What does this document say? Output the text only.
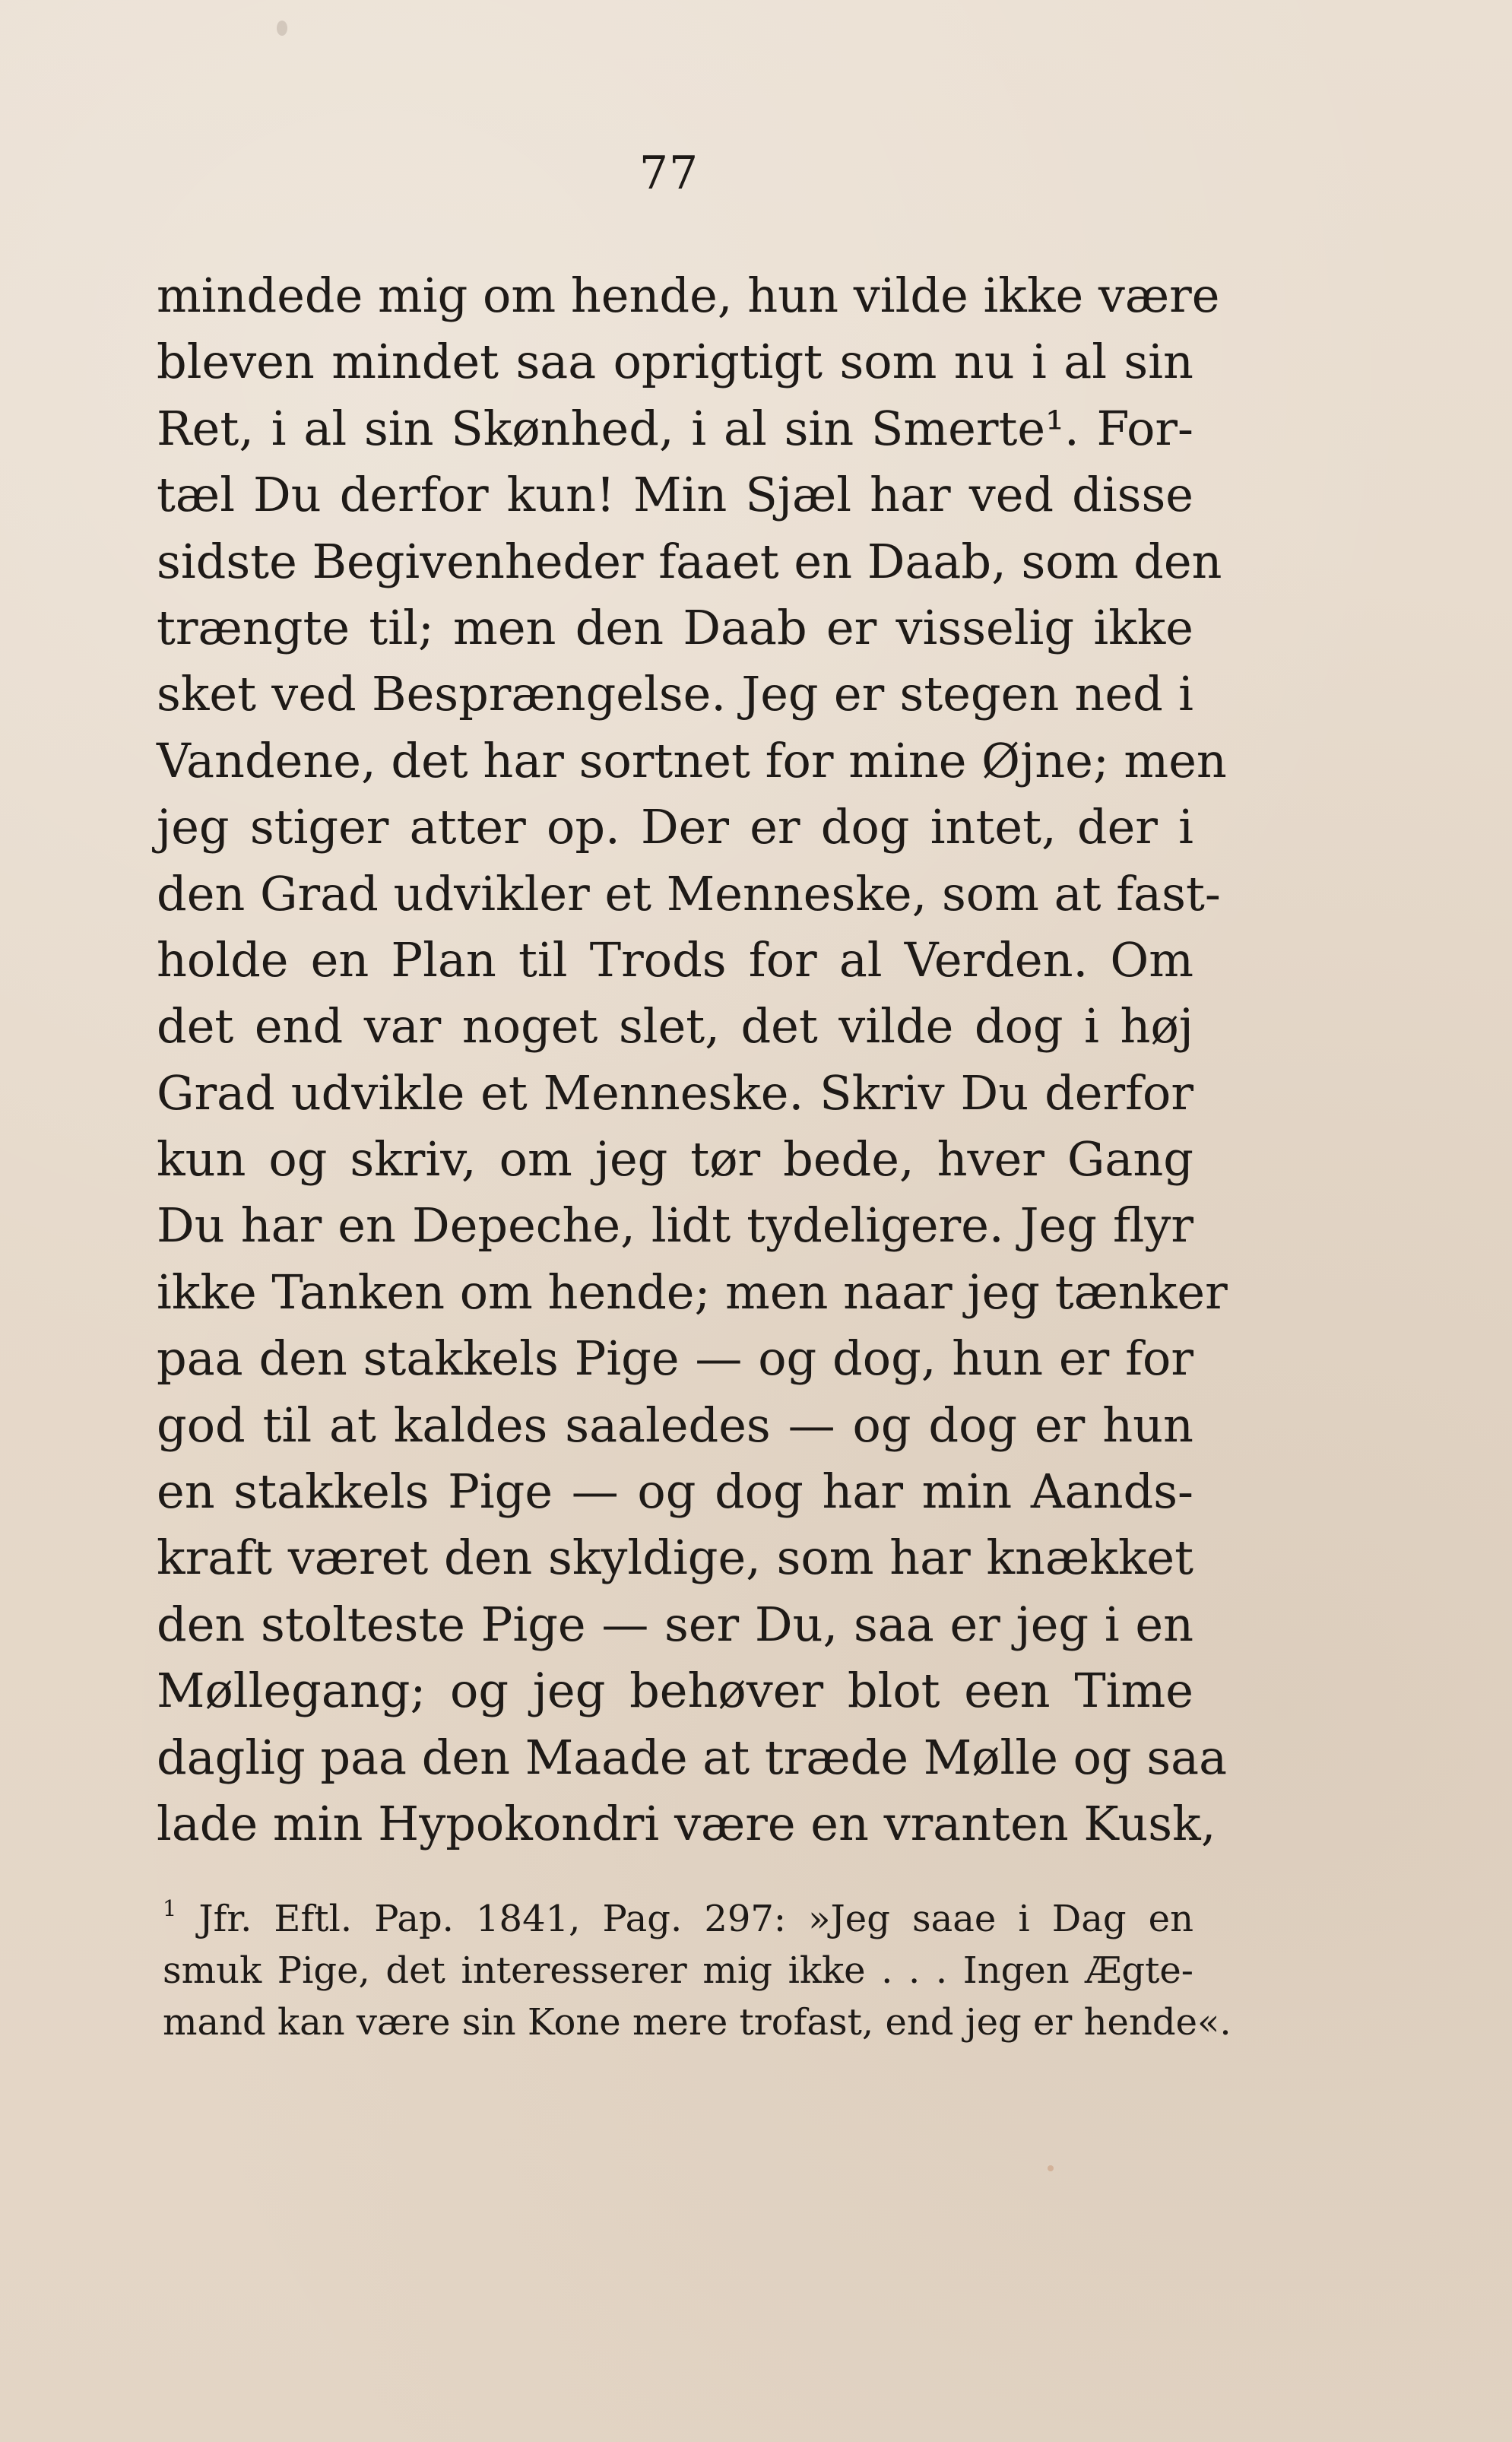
77
mindede mig om hende, hun vilde ikke være
bleven mindet saa oprigtigt som nu i al sin
Ret, i al sin Skønhed, i al sin Smerte¹. For-
tæl Du derfor kun! Min Sjæl har ved disse
sidste Begivenheder faaet en Daab, som den
trængte til; men den Daab er visselig ikke
sket ved Besprængelse. Jeg er stegen ned i
Vandene, det har sortnet for mine Øjne; men
jeg stiger atter op. Der er dog intet, der i
den Grad udvikler et Menneske, som at fast-
holde en Plan til Trods for al Verden. Om
det end var noget slet, det vilde dog i høj
Grad udvikle et Menneske. Skriv Du derfor
kun og skriv, om jeg tør bede, hver Gang
Du har en Depeche, lidt tydeligere. Jeg flyr
ikke Tanken om hende; men naar jeg tænker
paa den stakkels Pige — og dog, hun er for
god til at kaldes saaledes — og dog er hun
en stakkels Pige — og dog har min Aands-
kraft været den skyldige, som har knækket
den stolteste Pige — ser Du, saa er jeg i en
Møllegang; og jeg behøver blot een Time
daglig paa den Maade at træde Mølle og saa
lade min Hypokondri være en vranten Kusk,
$^1$ Jfr. Eftl. Pap. 1841, Pag. 297: »Jeg saae i Dag en
smuk Pige, det interesserer mig ikke . . . Ingen Ægte-
mand kan være sin Kone mere trofast, end jeg er hende«.
